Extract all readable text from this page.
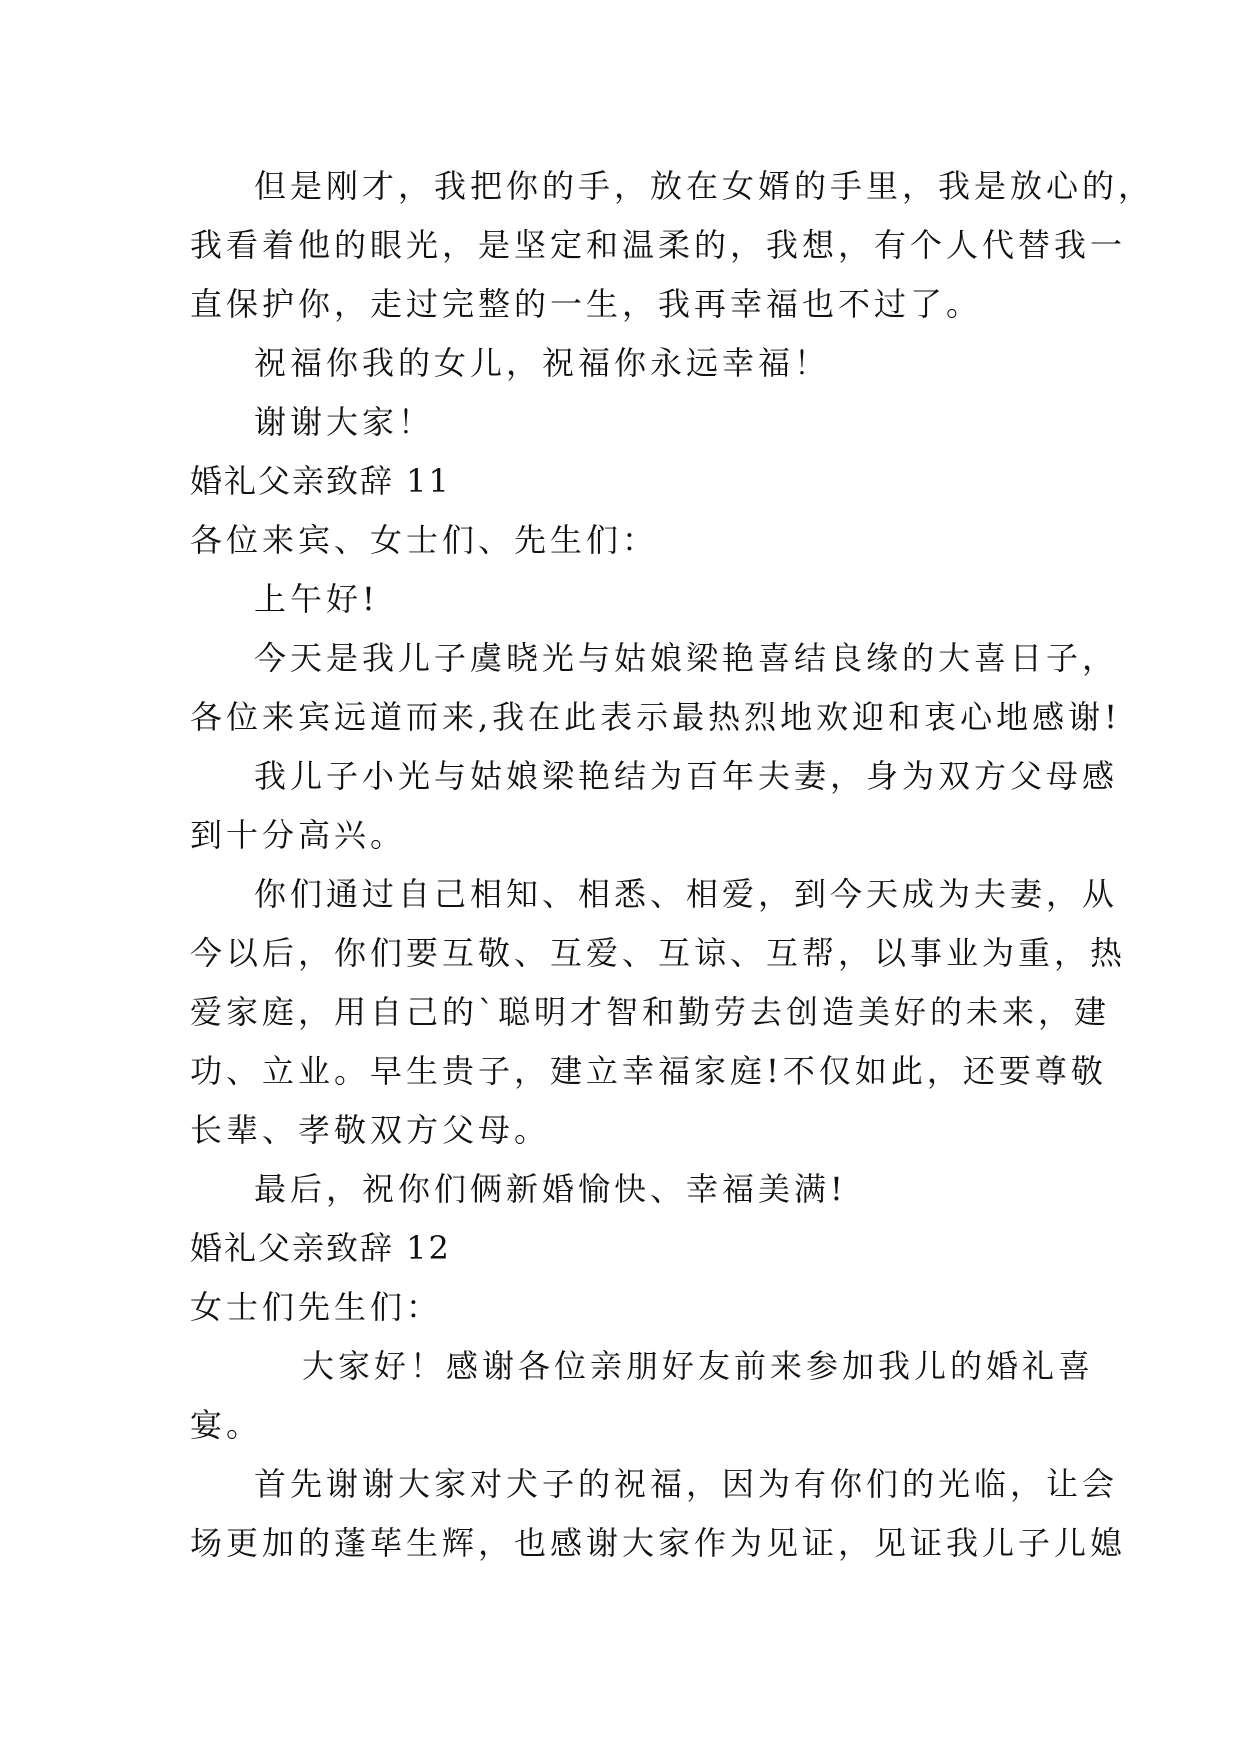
但是刚才，我把你的手，放在女婿的手里，我是放心的，
我看着他的眼光，是坚定和温柔的，我想，有个人代替我一
直保护你，走过完整的一生，我再幸福也不过了。
祝福你我的女儿，祝福你永远幸福！
谢谢大家！
婚礼父亲致辞 11
各位来宾、女士们、先生们：
上午好!
今天是我儿子虞晓光与姑娘梁艳喜结良缘的大喜日子，
各位来宾远道而来,我在此表示最热烈地欢迎和衷心地感谢!
我儿子小光与姑娘梁艳结为百年夫妻，身为双方父母感
到十分高兴。
你们通过自己相知、相悉、相爱，到今天成为夫妻，从
今以后，你们要互敬、互爱、互谅、互帮，以事业为重，热
爱家庭，用自己的`聪明才智和勤劳去创造美好的未来，建
功、立业。早生贵子，建立幸福家庭!不仅如此，还要尊敬
长辈、孝敬双方父母。
最后，祝你们俩新婚愉快、幸福美满!
婚礼父亲致辞 12
女士们先生们：
大家好！感谢各位亲朋好友前来参加我儿的婚礼喜
宴。
首先谢谢大家对犬子的祝福，因为有你们的光临，让会
场更加的蓬荜生辉，也感谢大家作为见证，见证我儿子儿媳
